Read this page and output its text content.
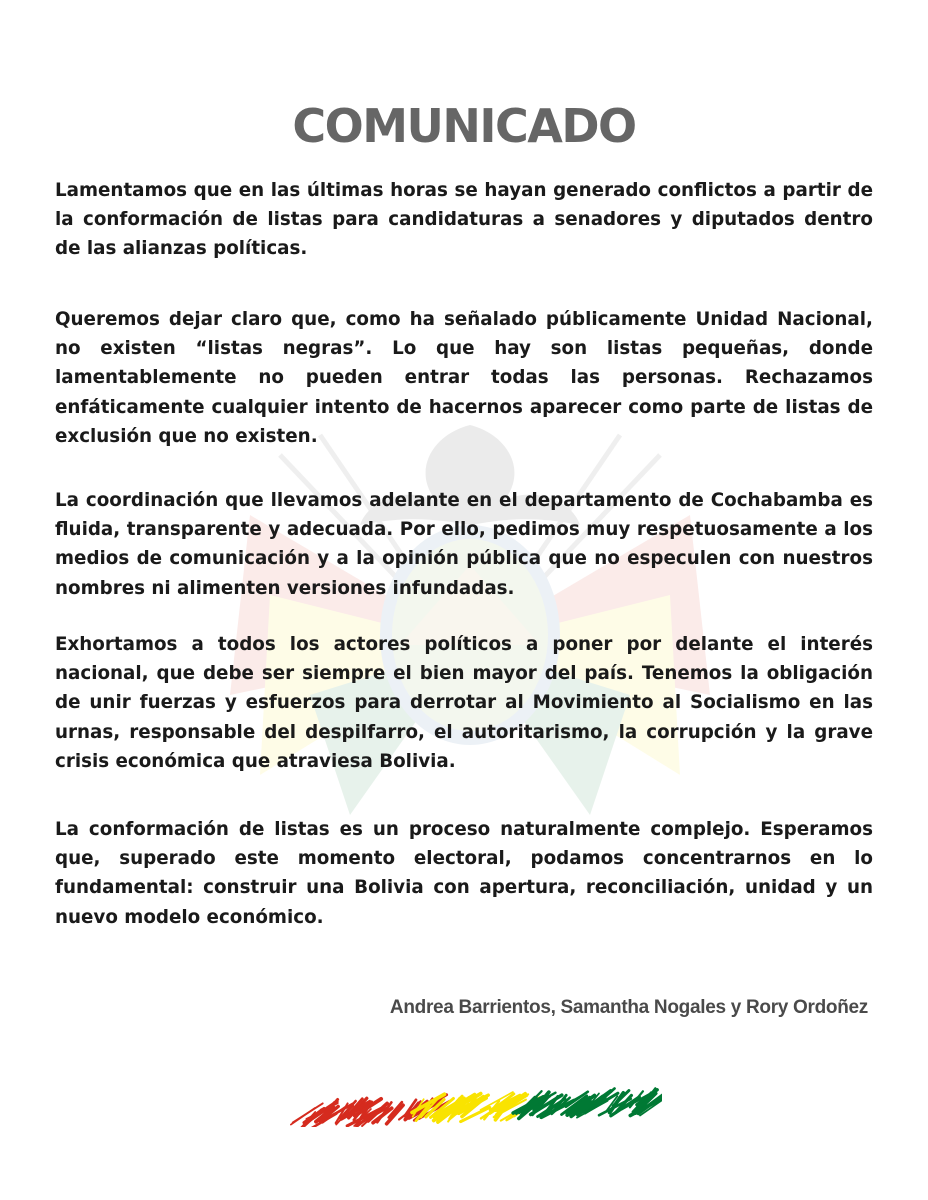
COMUNICADO

Lamentamos que en las últimas horas se hayan generado conflictos a partir de la conformación de listas para candidaturas a senadores y diputados dentro de las alianzas políticas.

Queremos dejar claro que, como ha señalado públicamente Unidad Nacional, no existen “listas negras”. Lo que hay son listas pequeñas, donde lamentablemente no pueden entrar todas las personas. Rechazamos enfáticamente cualquier intento de hacernos aparecer como parte de listas de exclusión que no existen.

La coordinación que llevamos adelante en el departamento de Cochabamba es fluida, transparente y adecuada. Por ello, pedimos muy respetuosamente a los medios de comunicación y a la opinión pública que no especulen con nuestros nombres ni alimenten versiones infundadas.

Exhortamos a todos los actores políticos a poner por delante el interés nacional, que debe ser siempre el bien mayor del país. Tenemos la obligación de unir fuerzas y esfuerzos para derrotar al Movimiento al Socialismo en las urnas, responsable del despilfarro, el autoritarismo, la corrupción y la grave crisis económica que atraviesa Bolivia.

La conformación de listas es un proceso naturalmente complejo. Esperamos que, superado este momento electoral, podamos concentrarnos en lo fundamental: construir una Bolivia con apertura, reconciliación, unidad y un nuevo modelo económico.

Andrea Barrientos, Samantha Nogales y Rory Ordoñez
